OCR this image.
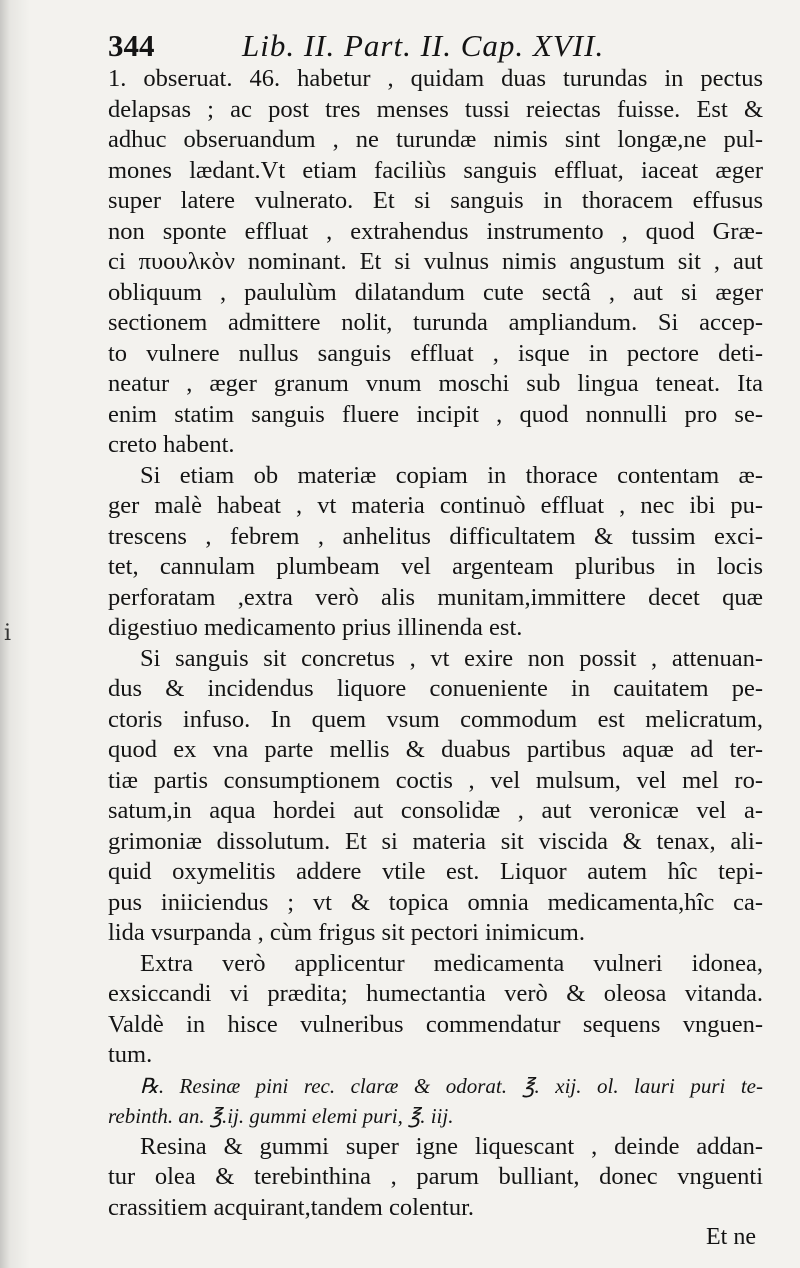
344	Lib. II. Part. II. Cap. XVII.
1. obseruat. 46. habetur , quidam duas turundas in pectus
delapsas ; ac post tres menses tussi reiectas fuisse. Est &
adhuc obseruandum , ne turundæ nimis sint longæ,ne pul-
mones lædant.Vt etiam faciliùs sanguis effluat, iaceat æger
super latere vulnerato. Et si sanguis in thoracem effusus
non sponte effluat , extrahendus instrumento , quod Græ-
ci πυουλκὸν nominant. Et si vulnus nimis angustum sit , aut
obliquum , paululùm dilatandum cute sectâ , aut si æger
sectionem admittere nolit, turunda ampliandum. Si accep-
to vulnere nullus sanguis effluat , isque in pectore deti-
neatur , æger granum vnum moschi sub lingua teneat. Ita
enim statim sanguis fluere incipit , quod nonnulli pro se-
creto habent.
Si etiam ob materiæ copiam in thorace contentam æ-
ger malè habeat , vt materia continuò effluat , nec ibi pu-
trescens , febrem , anhelitus difficultatem & tussim exci-
tet, cannulam plumbeam vel argenteam pluribus in locis
perforatam ,extra verò alis munitam,immittere decet quæ
digestiuo medicamento prius illinenda est.
Si sanguis sit concretus , vt exire non possit , attenuan-
dus & incidendus liquore conueniente in cauitatem pe-
ctoris infuso. In quem vsum commodum est melicratum,
quod ex vna parte mellis & duabus partibus aquæ ad ter-
tiæ partis consumptionem coctis , vel mulsum, vel mel ro-
satum,in aqua hordei aut consolidæ , aut veronicæ vel a-
grimoniæ dissolutum. Et si materia sit viscida & tenax, ali-
quid oxymelitis addere vtile est. Liquor autem hîc tepi-
pus iniiciendus ; vt & topica omnia medicamenta,hîc ca-
lida vsurpanda , cùm frigus sit pectori inimicum.
Extra verò applicentur medicamenta vulneri idonea,
exsiccandi vi prædita; humectantia verò & oleosa vitanda.
Valdè in hisce vulneribus commendatur sequens vnguen-
tum.
℞. Resinæ pini rec. claræ & odorat. ℥. xij. ol. lauri puri te-
rebinth. an. ℥.ij. gummi elemi puri, ℥. iij.
Resina & gummi super igne liquescant , deinde addan-
tur olea & terebinthina , parum bulliant, donec vnguenti
crassitiem acquirant,tandem colentur.
Et ne
ⅰ
